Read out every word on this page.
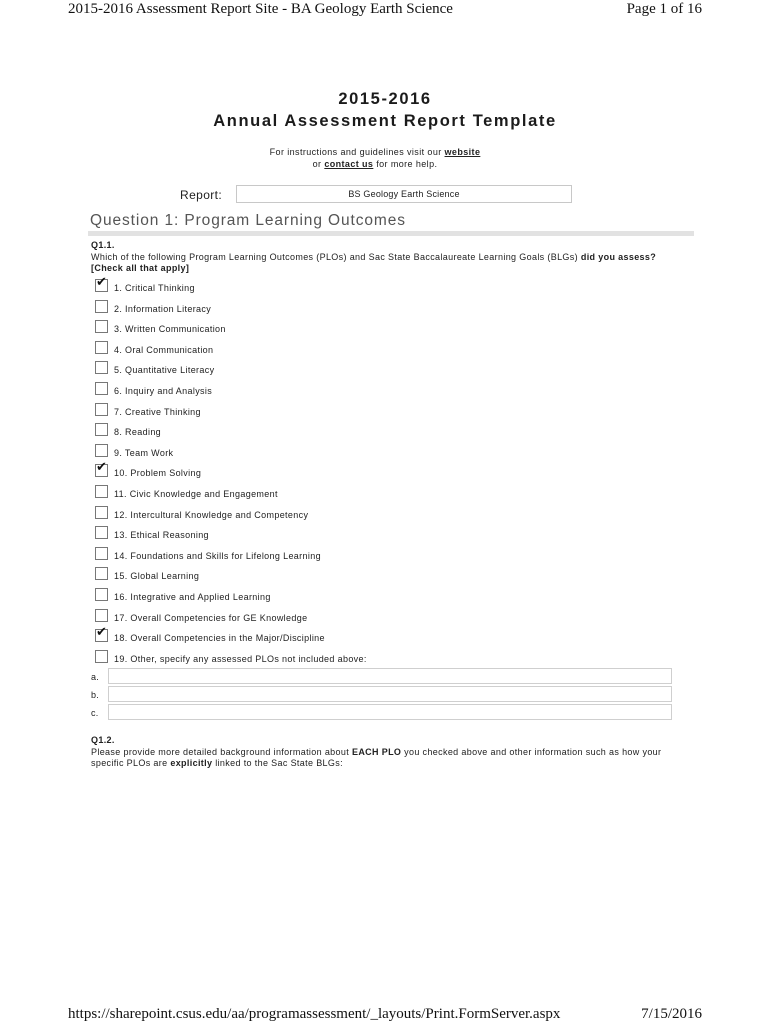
2015-2016 Assessment Report Site - BA Geology Earth Science	Page 1 of 16
2015-2016
Annual Assessment Report Template
For instructions and guidelines visit our website
or contact us for more help.
Report:	BS Geology Earth Science
Question 1: Program Learning Outcomes
Q1.1.
Which of the following Program Learning Outcomes (PLOs) and Sac State Baccalaureate Learning Goals (BLGs) did you assess? [Check all that apply]
✔ 1. Critical Thinking
2. Information Literacy
3. Written Communication
4. Oral Communication
5. Quantitative Literacy
6. Inquiry and Analysis
7. Creative Thinking
8. Reading
9. Team Work
✔ 10. Problem Solving
11. Civic Knowledge and Engagement
12. Intercultural Knowledge and Competency
13. Ethical Reasoning
14. Foundations and Skills for Lifelong Learning
15. Global Learning
16. Integrative and Applied Learning
17. Overall Competencies for GE Knowledge
✔ 18. Overall Competencies in the Major/Discipline
19. Other, specify any assessed PLOs not included above:
a.
b.
c.
Q1.2.
Please provide more detailed background information about EACH PLO you checked above and other information such as how your specific PLOs are explicitly linked to the Sac State BLGs:
https://sharepoint.csus.edu/aa/programassessment/_layouts/Print.FormServer.aspx	7/15/2016
